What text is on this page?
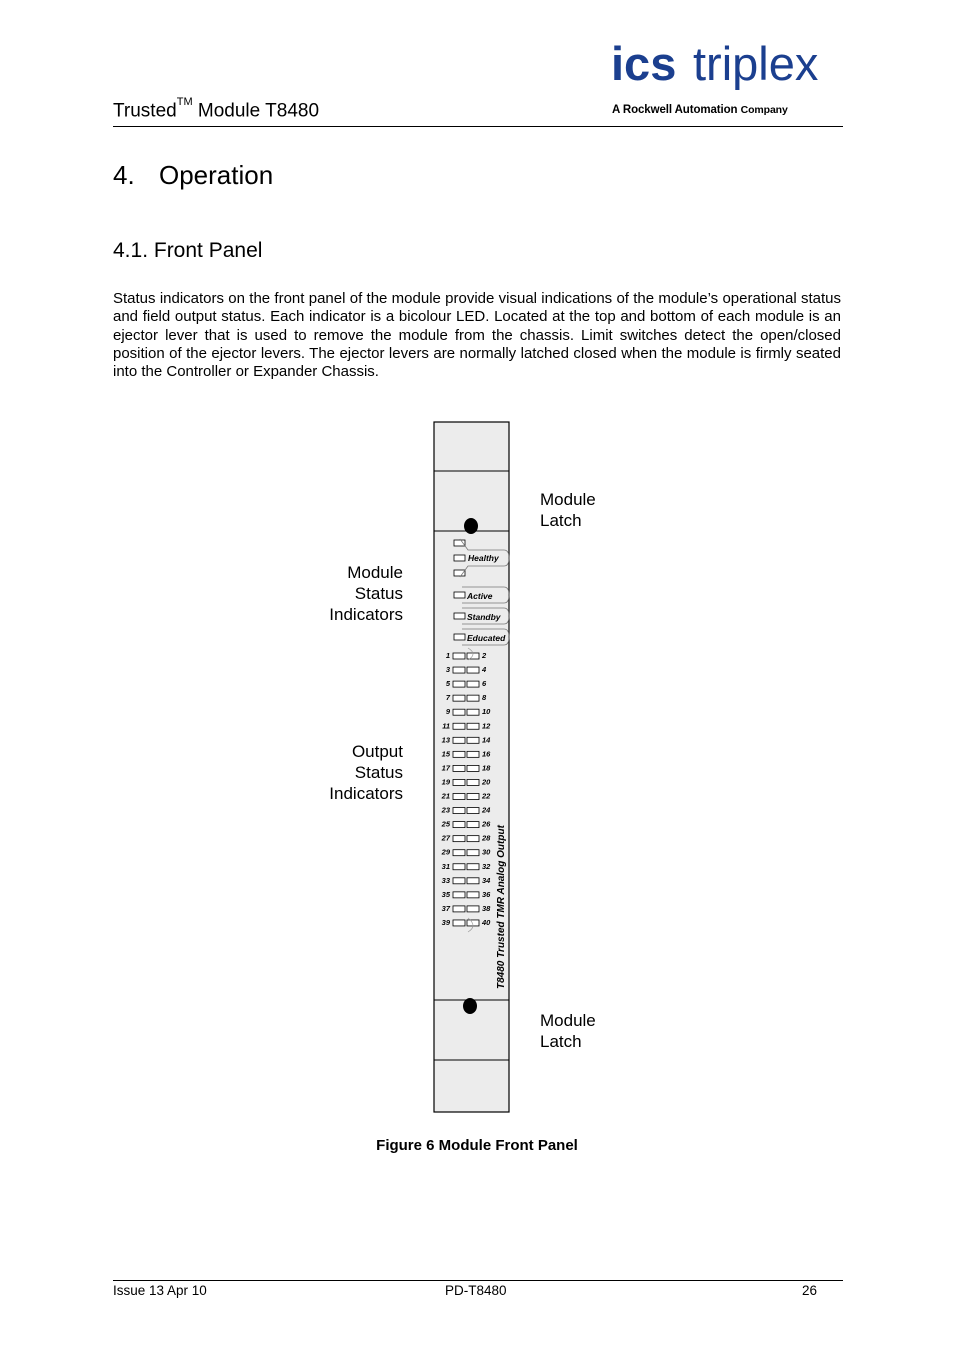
Trusted™ Module T8480
ics triplex
A Rockwell Automation Company
4. Operation
4.1. Front Panel
Status indicators on the front panel of the module provide visual indications of the module’s operational status and field output status. Each indicator is a bicolour LED. Located at the top and bottom of each module is an ejector lever that is used to remove the module from the chassis. Limit switches detect the open/closed position of the ejector levers. The ejector levers are normally latched closed when the module is firmly seated into the Controller or Expander Chassis.
Module
Latch
Module
Status
Indicators
Output
Status
Indicators
Module
Latch
Healthy
Active
Standby
Educated
1	2
3	4
5	6
7	8
9	10
11	12
13	14
15	16
17	18
19	20
21	22
23	24
25	26
27	28
29	30
31	32
33	34
35	36
37	38
39	40 T8480 Trusted TMR Analog Output
Figure 6 Module Front Panel
Issue 13 Apr 10	PD-T8480	26
